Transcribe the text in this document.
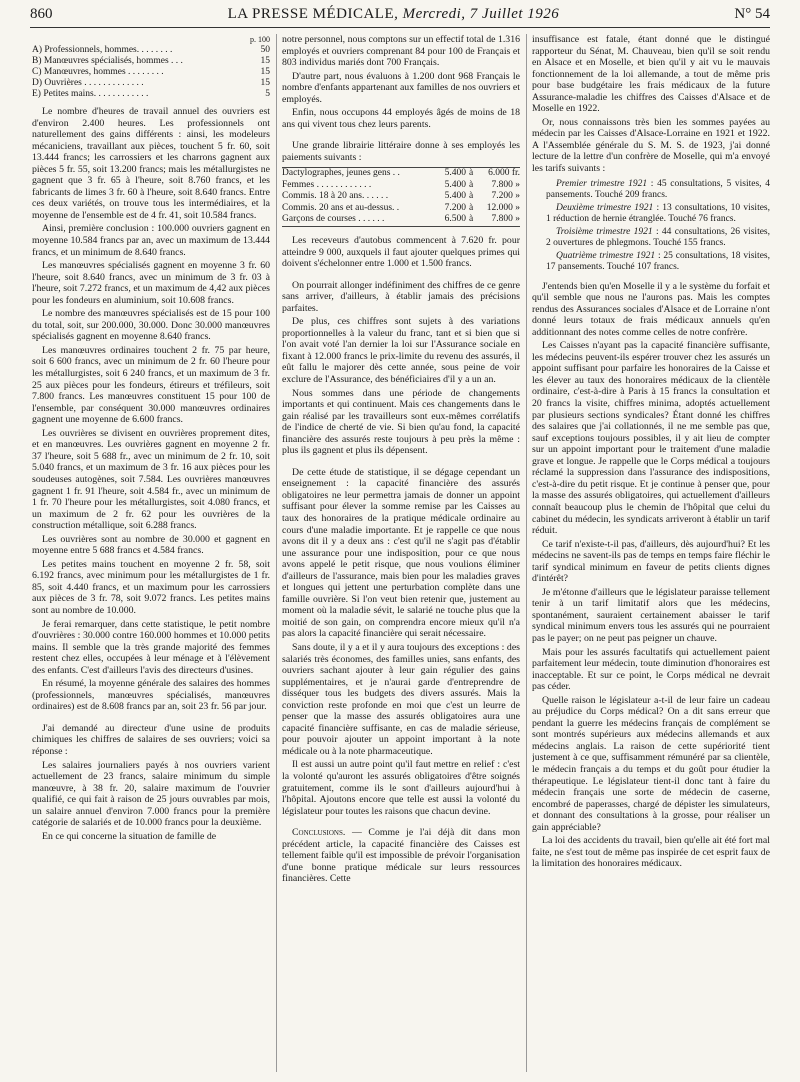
860	LA PRESSE MÉDICALE, Mercredi, 7 Juillet 1926	N° 54
	p. 100
A) Professionnels, hommes. . . . . . . .	50
B) Manœuvres spécialisés, hommes . . .	15
C) Manœuvres, hommes . . . . . . . .	15
D) Ouvrières . . . . . . . . . . . . .	15
E) Petites mains. . . . . . . . . . . .	5

Le nombre d'heures de travail annuel des ouvriers est d'environ 2.400 heures. Les professionnels ont naturellement des gains différents : ainsi, les modeleurs mécaniciens, travaillant aux pièces, touchent 5 fr. 60, soit 13.444 francs; les carrossiers et les charrons gagnent aux pièces 5 fr. 55, soit 13.200 francs; mais les métallurgistes ne gagnent que 3 fr. 65 à l'heure, soit 8.760 francs, et les fabricants de limes 3 fr. 60 à l'heure, soit 8.640 francs. Entre ces deux variétés, on trouve tous les intermédiaires, et la moyenne de l'ensemble est de 4 fr. 41, soit 10.584 francs.

Ainsi, première conclusion : 100.000 ouvriers gagnent en moyenne 10.584 francs par an, avec un maximum de 13.444 francs, et un minimum de 8.640 francs.

Les manœuvres spécialisés gagnent en moyenne 3 fr. 60 l'heure, soit 8.640 francs, avec un minimum de 3 fr. 03 à l'heure, soit 7.272 francs, et un maximum de 4,42 aux pièces pour les fondeurs en aluminium, soit 10.608 francs.

Le nombre des manœuvres spécialisés est de 15 pour 100 du total, soit, sur 200.000, 30.000. Donc 30.000 manœuvres spécialisés gagnent en moyenne 8.640 francs.

Les manœuvres ordinaires touchent 2 fr. 75 par heure, soit 6 600 francs, avec un minimum de 2 fr. 60 l'heure pour les métallurgistes, soit 6 240 francs, et un maximum de 3 fr. 25 aux pièces pour les fondeurs, étireurs et tréfileurs, soit 7.800 francs. Les manœuvres constituent 15 pour 100 de l'ensemble, par conséquent 30.000 manœuvres ordinaires gagnent une moyenne de 6.600 francs.

Les ouvrières se divisent en ouvrières proprement dites, et en manœuvres. Les ouvrières gagnent en moyenne 2 fr. 37 l'heure, soit 5 688 fr., avec un minimum de 2 fr. 10, soit 5.040 francs, et un maximum de 3 fr. 16 aux pièces pour les soudeuses autogènes, soit 7.584. Les ouvrières manœuvres gagnent 1 fr. 91 l'heure, soit 4.584 fr., avec un minimum de 1 fr. 70 l'heure pour les métallurgistes, soit 4.080 francs, et un maximum de 2 fr. 62 pour les ouvrières de la construction métallique, soit 6.288 francs.

Les ouvrières sont au nombre de 30.000 et gagnent en moyenne entre 5 688 francs et 4.584 francs.

Les petites mains touchent en moyenne 2 fr. 58, soit 6.192 francs, avec minimum pour les métallurgistes de 1 fr. 85, soit 4.440 francs, et un maximum pour les carrossiers aux pièces de 3 fr. 78, soit 9.072 francs. Les petites mains sont au nombre de 10.000.

Je ferai remarquer, dans cette statistique, le petit nombre d'ouvrières : 30.000 contre 160.000 hommes et 10.000 petits mains. Il semble que la très grande majorité des femmes restent chez elles, occupées à leur ménage et à l'élèvement des enfants. C'est d'ailleurs l'avis des directeurs d'usines.

En résumé, la moyenne générale des salaires des hommes (professionnels, manœuvres spécialisés, manœuvres ordinaires) est de 8.608 francs par an, soit 23 fr. 56 par jour.

J'ai demandé au directeur d'une usine de produits chimiques les chiffres de salaires de ses ouvriers; voici sa réponse :

Les salaires journaliers payés à nos ouvriers varient actuellement de 23 francs, salaire minimum du simple manœuvre, à 38 fr. 20, salaire maximum de l'ouvrier qualifié, ce qui fait à raison de 25 jours ouvrables par mois, un salaire annuel d'environ 7.000 francs pour la première catégorie de salariés et de 10.000 francs pour la deuxième.

En ce qui concerne la situation de famille de

notre personnel, nous comptons sur un effectif total de 1.316 employés et ouvriers comprenant 84 pour 100 de Français et 803 individus mariés dont 700 Français.

D'autre part, nous évaluons à 1.200 dont 968 Français le nombre d'enfants appartenant aux familles de nos ouvriers et employés.

Enfin, nous occupons 44 employés âgés de moins de 18 ans qui vivent tous chez leurs parents.

Une grande librairie littéraire donne à ses employés les paiements suivants :

Dactylographes, jeunes gens . .	5.400	à	6.000 fr.
Femmes . . . . . . . . . . . .	5.400	à	7.800 »
Commis. 18 à 20 ans. . . . . .	5.400	à	7.200 »
Commis. 20 ans et au-dessus. .	7.200	à	12.000 »
Garçons de courses . . . . . .	6.500	à	7.800 »

Les receveurs d'autobus commencent à 7.620 fr. pour atteindre 9 000, auxquels il faut ajouter quelques primes qui doivent s'échelonner entre 1.000 et 1.500 francs.

On pourrait allonger indéfiniment des chiffres de ce genre sans arriver, d'ailleurs, à établir jamais des précisions parfaites.

De plus, ces chiffres sont sujets à des variations proportionnelles à la valeur du franc, tant et si bien que si l'on avait voté l'an dernier la loi sur l'Assurance sociale en fixant à 12.000 francs le prix-limite du revenu des assurés, il eût fallu le majorer dès cette année, sous peine de voir exclure de l'Assurance, des bénéficiaires d'il y a un an.

Nous sommes dans une période de changements importants et qui continuent. Mais ces changements dans le gain réalisé par les travailleurs sont eux-mêmes corrélatifs de l'indice de cherté de vie. Si bien qu'au fond, la capacité financière des assurés reste toujours à peu près la même : plus ils gagnent et plus ils dépensent.

De cette étude de statistique, il se dégage cependant un enseignement : la capacité financière des assurés obligatoires ne leur permettra jamais de donner un appoint suffisant pour élever la somme remise par les Caisses au taux des honoraires de la pratique médicale ordinaire au cours d'une maladie importante. Et je rappelle ce que nous avons dit il y a deux ans : c'est qu'il ne s'agit pas d'établir une assurance pour une indisposition, pour ce que nous avons appelé le petit risque, que nous voulions éliminer d'ailleurs de l'assurance, mais bien pour les maladies graves et longues qui jettent une perturbation complète dans une famille ouvrière. Si l'on veut bien retenir que, justement au moment où la maladie sévit, le salarié ne touche plus que la moitié de son gain, on comprendra encore mieux qu'il n'a pas alors la capacité financière qui serait nécessaire.

Sans doute, il y a et il y aura toujours des exceptions : des salariés très économes, des familles unies, sans enfants, des ouvriers sachant ajouter à leur gain régulier des gains supplémentaires, et je n'aurai garde d'entreprendre de disséquer tous les budgets des divers assurés. Mais la conviction reste profonde en moi que c'est un leurre de penser que la masse des assurés obligatoires aura une capacité financière suffisante, en cas de maladie sérieuse, pour pouvoir ajouter un appoint important à la note médicale ou à la note pharmaceutique.

Il est aussi un autre point qu'il faut mettre en relief : c'est la volonté qu'auront les assurés obligatoires d'être soignés gratuitement, comme ils le sont d'ailleurs aujourd'hui à l'hôpital. Ajoutons encore que telle est aussi la volonté du législateur pour toutes les raisons que chacun devine.

Conclusions. — Comme je l'ai déjà dit dans mon précédent article, la capacité financière des Caisses est tellement faible qu'il est impossible de prévoir l'organisation d'une bonne pratique médicale sur leurs ressources financières. Cette

insuffisance est fatale, étant donné que le distingué rapporteur du Sénat, M. Chauveau, bien qu'il se soit rendu en Alsace et en Moselle, et bien qu'il y ait vu le mauvais fonctionnement de la loi allemande, a tout de même pris pour base budgétaire les frais médicaux de la future Assurance-maladie les chiffres des Caisses d'Alsace et de Moselle en 1922.

Or, nous connaissons très bien les sommes payées au médecin par les Caisses d'Alsace-Lorraine en 1921 et 1922. A l'Assemblée générale du S. M. S. de 1923, j'ai donné lecture de la lettre d'un confrère de Moselle, qui m'a envoyé les tarifs suivants :

Premier trimestre 1921 : 45 consultations, 5 visites, 4 pansements. Touché 209 francs.

Deuxième trimestre 1921 : 13 consultations, 10 visites, 1 réduction de hernie étranglée. Touché 76 francs.

Troisième trimestre 1921 : 44 consultations, 26 visites, 2 ouvertures de phlegmons. Touché 155 francs.

Quatrième trimestre 1921 : 25 consultations, 18 visites, 17 pansements. Touché 107 francs.

J'entends bien qu'en Moselle il y a le système du forfait et qu'il semble que nous ne l'aurons pas. Mais les comptes rendus des Assurances sociales d'Alsace et de Lorraine n'ont donné leurs totaux de frais médicaux annuels qu'en additionnant des notes comme celles de notre confrère.

Les Caisses n'ayant pas la capacité financière suffisante, les médecins peuvent-ils espérer trouver chez les assurés un appoint suffisant pour parfaire les honoraires de la Caisse et les élever au taux des honoraires médicaux de la clientèle ordinaire, c'est-à-dire à Paris à 15 francs la consultation et 20 francs la visite, chiffres minima, adoptés actuellement par plusieurs sections syndicales? Étant donné les chiffres des salaires que j'ai collationnés, il ne me semble pas que, sauf exceptions toujours possibles, il y ait lieu de compter sur un appoint important pour le traitement d'une maladie grave et longue. Je rappelle que le Corps médical a toujours réclamé la suppression dans l'assurance des indispositions, c'est-à-dire du petit risque. Et je continue à penser que, pour la masse des assurés obligatoires, qui actuellement d'ailleurs connaît beaucoup plus le chemin de l'hôpital que celui du cabinet du médecin, les syndicats arriveront à établir un tarif réduit.

Ce tarif n'existe-t-il pas, d'ailleurs, dès aujourd'hui? Et les médecins ne savent-ils pas de temps en temps faire fléchir le tarif syndical minimum en faveur de petits clients dignes d'intérêt?

Je m'étonne d'ailleurs que le législateur paraisse tellement tenir à un tarif limitatif alors que les médecins, spontanément, sauraient certainement abaisser le tarif syndical minimum envers tous les assurés qui ne pourraient pas le payer; on ne peut pas peigner un chauve.

Mais pour les assurés facultatifs qui actuellement paient parfaitement leur médecin, toute diminution d'honoraires est inacceptable. Et sur ce point, le Corps médical ne devrait pas céder.

Quelle raison le législateur a-t-il de leur faire un cadeau au préjudice du Corps médical? On a dit sans erreur que pendant la guerre les médecins français de complément se sont montrés supérieurs aux médecins allemands et aux médecins anglais. La raison de cette supériorité tient justement à ce que, suffisamment rémunéré par sa clientèle, le médecin français a du temps et du goût pour étudier la thérapeutique. Le législateur tient-il donc tant à faire du médecin français une sorte de médecin de caserne, encombré de paperasses, chargé de dépister les simulateurs, et donnant des consultations à la grosse, pour réaliser un gain appréciable?

La loi des accidents du travail, bien qu'elle ait été fort mal faite, ne s'est tout de même pas inspirée de cet esprit faux de la limitation des honoraires médicaux.
